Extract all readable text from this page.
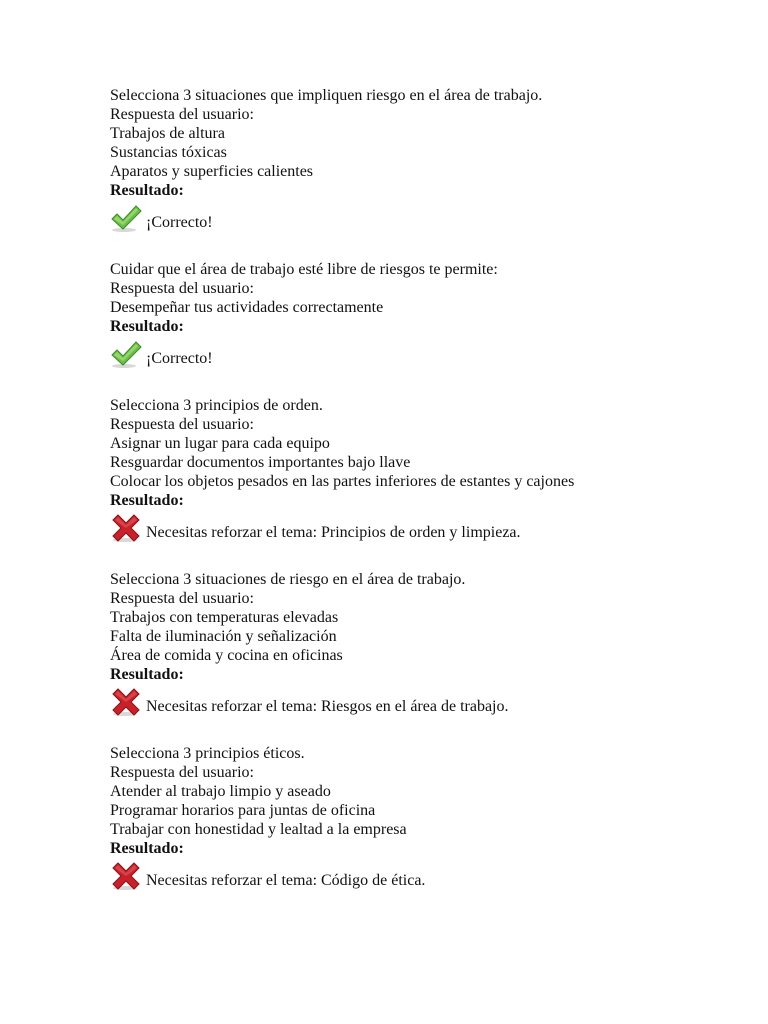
Selecciona 3 situaciones que impliquen riesgo en el área de trabajo.
Respuesta del usuario:
Trabajos de altura
Sustancias tóxicas
Aparatos y superficies calientes
Resultado:
¡Correcto!
Cuidar que el área de trabajo esté libre de riesgos te permite:
Respuesta del usuario:
Desempeñar tus actividades correctamente
Resultado:
¡Correcto!
Selecciona 3 principios de orden.
Respuesta del usuario:
Asignar un lugar para cada equipo
Resguardar documentos importantes bajo llave
Colocar los objetos pesados en las partes inferiores de estantes y cajones
Resultado:
Necesitas reforzar el tema: Principios de orden y limpieza.
Selecciona 3 situaciones de riesgo en el área de trabajo.
Respuesta del usuario:
Trabajos con temperaturas elevadas
Falta de iluminación y señalización
Área de comida y cocina en oficinas
Resultado:
Necesitas reforzar el tema: Riesgos en el área de trabajo.
Selecciona 3 principios éticos.
Respuesta del usuario:
Atender al trabajo limpio y aseado
Programar horarios para juntas de oficina
Trabajar con honestidad y lealtad a la empresa
Resultado:
Necesitas reforzar el tema: Código de ética.
